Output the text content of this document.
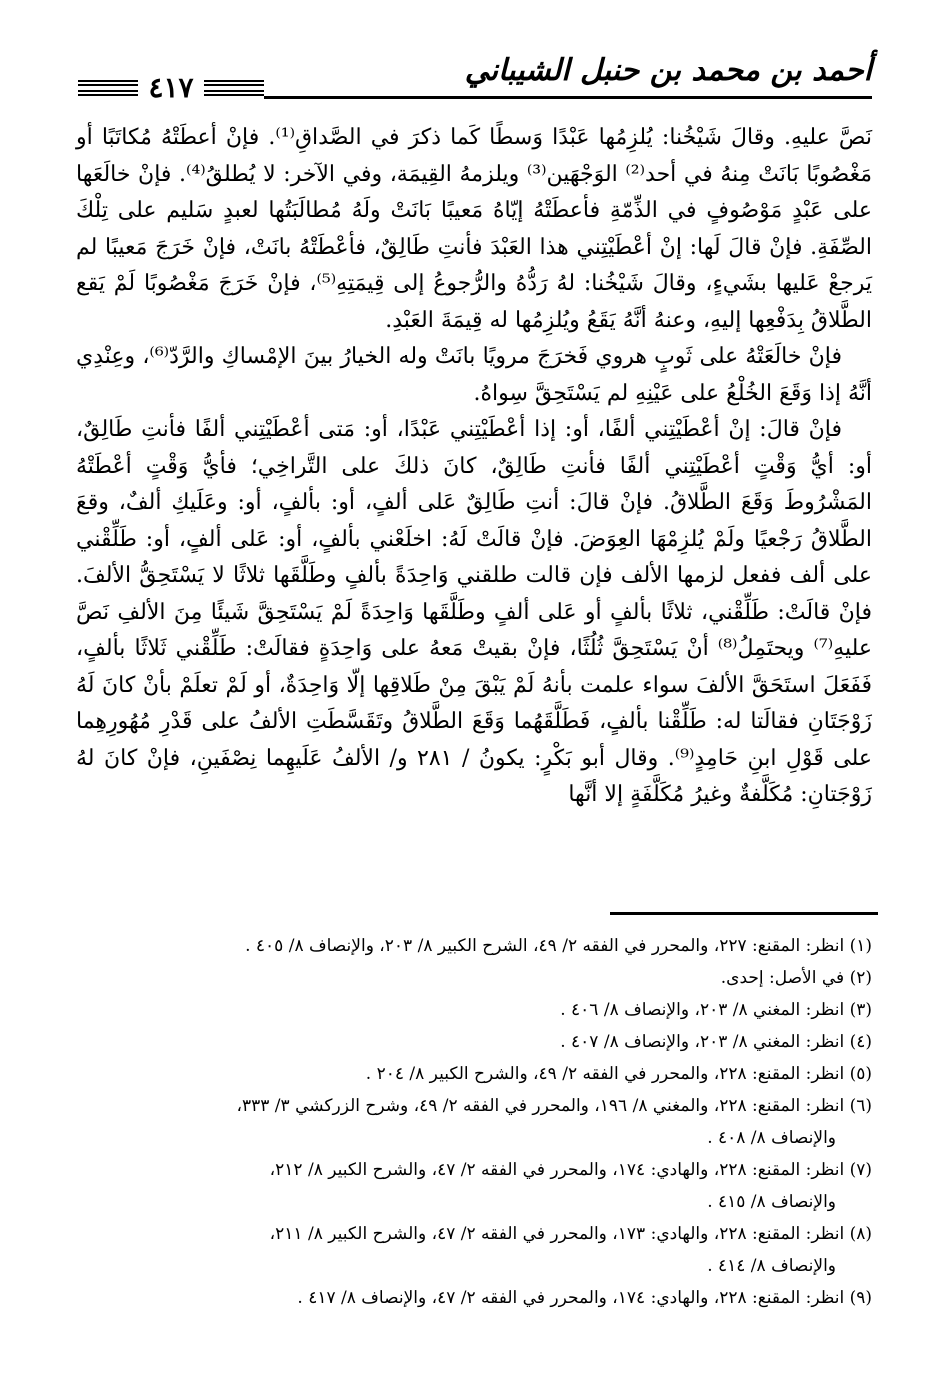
أحمد بن محمد بن حنبل الشيباني
٤١٧

نَصَّ عليهِ. وقالَ شَيْخُنا: يُلزِمُها عَبْدًا وَسطًا كَما ذكرَ في الصَّداقِ⁽¹⁾. فإنْ أعطَتْهُ مُكاتَبًا أو مَغْصُوبًا بَانَتْ مِنهُ في أحد⁽²⁾ الوَجْهَين⁽³⁾ ويلزمهُ القِيمَة، وفي الآخر: لا يُطلقُ⁽⁴⁾. فإنْ خالَعَها على عَبْدٍ مَوْصُوفٍ في الذِّمّةِ فأعطَتْهُ إيّاهُ مَعيبًا بَانَتْ ولَهُ مُطالَبَتُها لعبدٍ سَليم على تِلْكَ الصِّفَةِ. فإنْ قالَ لَها: إنْ أعْطَيْتِني هذا العَبْدَ فأنتِ طَالِقٌ، فأعْطَتْهُ بانَتْ، فإنْ خَرَجَ مَعيبًا لم يَرجعْ عَليها بشَيءٍ، وقالَ شَيْخُنا: لهُ رَدُّهُ والرُّجوعُ إلى قِيمَتِهِ⁽⁵⁾، فإنْ خَرَجَ مَغْصُوبًا لَمْ يَقع الطَّلاقُ بِدَفْعِها إليهِ، وعنهُ أنَّهُ يَقَعُ ويُلزِمُها له قِيمَةَ العَبْدِ.

فإنْ خالَعَتْهُ على ثَوبٍ هروي فَخرَجَ مرويًا بانَتْ وله الخيارُ بينَ الإمْساكِ والرَّدّ⁽⁶⁾، وعِنْدِي أنَّهُ إذا وَقَعَ الخُلْعُ على عَيْنِهِ لم يَسْتَحِقَّ سِواهُ.

فإنْ قالَ: إنْ أعْطَيْتِني ألفًا، أو: إذا أعْطَيْتِني عَبْدًا، أو: مَتى أعْطَيْتِني ألفًا فأنتِ طَالِقٌ، أو: أيُّ وَقْتٍ أعْطَيْتِني ألفًا فأنتِ طَالِقٌ، كانَ ذلكَ على التَّراخِي؛ فأيُّ وَقْتٍ أعْطَتْهُ المَشْرُوطَ وَقَعَ الطَّلاقُ. فإنْ قالَ: أنتِ طَالِقٌ عَلى ألفٍ، أو: بألفٍ، أو: وعَلَيكِ ألفٌ، وقعَ الطَّلاقُ رَجْعيًا ولَمْ يُلزِمْهَا العِوَضَ. فإنْ قالَتْ لَهُ: اخلَعْني بألفٍ، أو: عَلى ألفٍ، أو: طَلِّقْني على ألف ففعل لزمها الألف فإن قالت طلقني وَاحِدَةً بألفٍ وطَلَّقَها ثلاثًا لا يَسْتَحِقُّ الألفَ. فإنْ قالَتْ: طَلِّقْني، ثلاثًا بألفٍ أو عَلى ألفٍ وطَلَّقَها وَاحِدَةً لَمْ يَسْتَحِقَّ شَيئًا مِنَ الألفِ نَصَّ عليهِ⁽⁷⁾ ويحتَمِلُ⁽⁸⁾ أنْ يَسْتَحِقَّ ثُلُثًا، فإنْ بقيتْ مَعهُ على وَاحِدَةٍ فقالَتْ: طَلِّقْني ثَلاثًا بألفٍ، فَفَعَلَ استَحَقَّ الألفَ سواء علمت بأنهُ لَمْ يَبْقَ مِنْ طَلاقِها إلّا وَاحِدَةٌ، أو لَمْ تعلَمْ بأنْ كانَ لَهُ زَوْجَتَانِ فقالَتا له: طَلِّقْنا بألفٍ، فَطَلَّقَهُما وَقَعَ الطَّلاقُ وتَقَسَّطَتِ الألفُ على قَدْرِ مُهُورِهِما على قَوْلِ ابنِ حَامِدٍ⁽⁹⁾. وقال أبو بَكْرٍ: يكونُ / ٢٨١ و/ الألفُ عَلَيهِما نِصْفَينِ، فإنْ كانَ لهُ زَوْجَتانِ: مُكَلَّفةٌ وغيرُ مُكَلَّفَةٍ إلا أنَّها

(١) انظر: المقنع: ٢٢٧، والمحرر في الفقه ٢/ ٤٩، الشرح الكبير ٨/ ٢٠٣، والإنصاف ٨/ ٤٠٥ .
(٢) في الأصل: إحدى.
(٣) انظر: المغني ٨/ ٢٠٣، والإنصاف ٨/ ٤٠٦ .
(٤) انظر: المغني ٨/ ٢٠٣، والإنصاف ٨/ ٤٠٧ .
(٥) انظر: المقنع: ٢٢٨، والمحرر في الفقه ٢/ ٤٩، والشرح الكبير ٨/ ٢٠٤ .
(٦) انظر: المقنع: ٢٢٨، والمغني ٨/ ١٩٦، والمحرر في الفقه ٢/ ٤٩، وشرح الزركشي ٣/ ٣٣٣،
والإنصاف ٨/ ٤٠٨ .
(٧) انظر: المقنع: ٢٢٨، والهادي: ١٧٤، والمحرر في الفقه ٢/ ٤٧، والشرح الكبير ٨/ ٢١٢،
والإنصاف ٨/ ٤١٥ .
(٨) انظر: المقنع: ٢٢٨، والهادي: ١٧٣، والمحرر في الفقه ٢/ ٤٧، والشرح الكبير ٨/ ٢١١،
والإنصاف ٨/ ٤١٤ .
(٩) انظر: المقنع: ٢٢٨، والهادي: ١٧٤، والمحرر في الفقه ٢/ ٤٧، والإنصاف ٨/ ٤١٧ .
